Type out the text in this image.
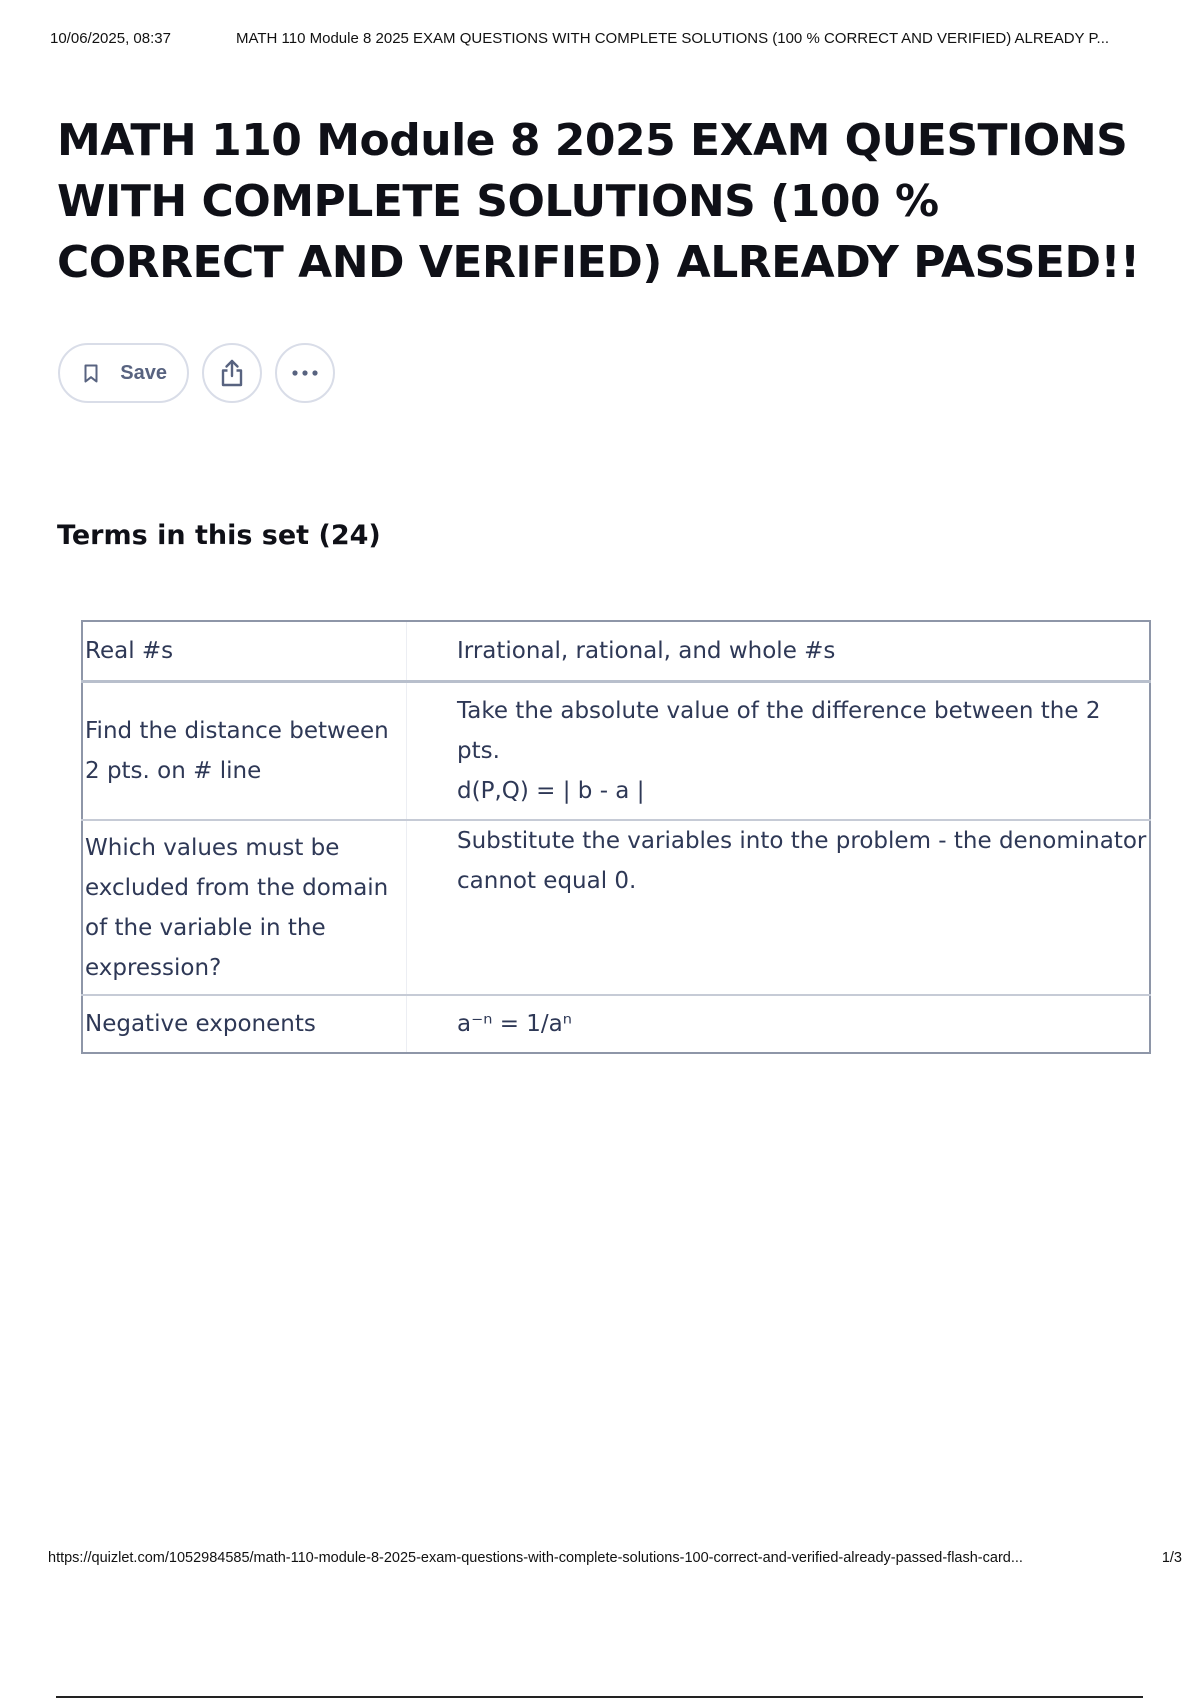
10/06/2025, 08:37	MATH 110 Module 8 2025 EXAM QUESTIONS WITH COMPLETE SOLUTIONS (100 % CORRECT AND VERIFIED) ALREADY P...
MATH 110 Module 8 2025 EXAM QUESTIONS WITH COMPLETE SOLUTIONS (100 % CORRECT AND VERIFIED) ALREADY PASSED!!
Save
Terms in this set (24)
Real #s	Irrational, rational, and whole #s

Find the distance between 2 pts. on # line	Take the absolute value of the difference between the 2 pts.
d(P,Q) = | b - a |

Which values must be excluded from the domain of the variable in the expression?	Substitute the variables into the problem - the denominator cannot equal 0.

Negative exponents	a⁻ⁿ = 1/aⁿ
https://quizlet.com/1052984585/math-110-module-8-2025-exam-questions-with-complete-solutions-100-correct-and-verified-already-passed-flash-card...	1/3
